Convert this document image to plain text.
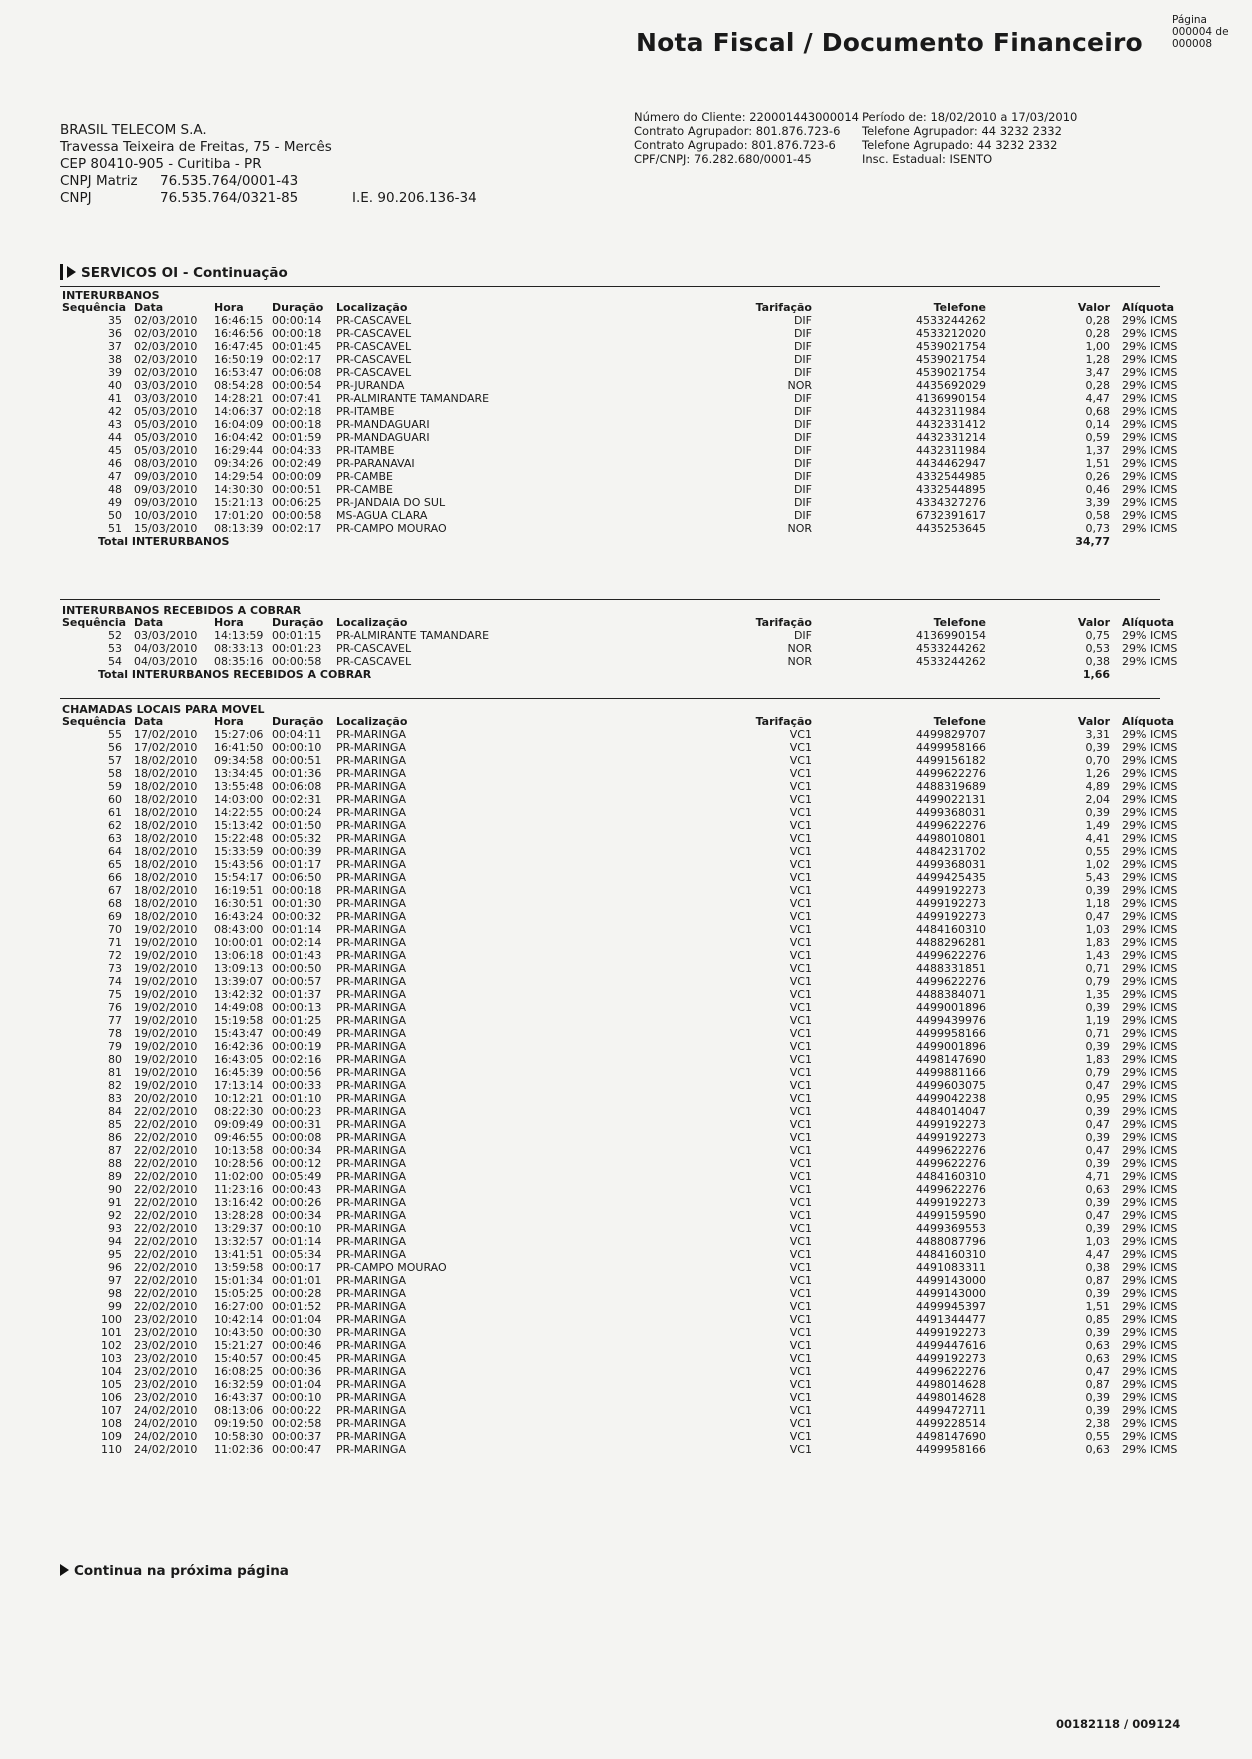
Nota Fiscal / Documento Financeiro
Página
000004 de
000008
BRASIL TELECOM S.A.
Travessa Teixeira de Freitas, 75 - Mercês
CEP 80410-905 - Curitiba - PR
CNPJ Matriz 76.535.764/0001-43
CNPJ	76.535.764/0321-85	I.E. 90.206.136-34
Número do Cliente: 220001443000014
Contrato Agrupador: 801.876.723-6
Contrato Agrupado: 801.876.723-6
CPF/CNPJ: 76.282.680/0001-45
Período de: 18/02/2010 a 17/03/2010
Telefone Agrupador: 44 3232 2332
Telefone Agrupado: 44 3232 2332
Insc. Estadual: ISENTO
SERVICOS OI - Continuação
INTERURBANOS
Sequência Data	Hora	Duração Localização	Tarifação	Telefone	Valor Alíquota
35 02/03/2010 16:46:15 00:00:14 PR-CASCAVEL	DIF	4533244262	0,28 29% ICMS
36 02/03/2010 16:46:56 00:00:18 PR-CASCAVEL	DIF	4533212020	0,28 29% ICMS
37 02/03/2010 16:47:45 00:01:45 PR-CASCAVEL	DIF	4539021754	1,00 29% ICMS
38 02/03/2010 16:50:19 00:02:17 PR-CASCAVEL	DIF	4539021754	1,28 29% ICMS
39 02/03/2010 16:53:47 00:06:08 PR-CASCAVEL	DIF	4539021754	3,47 29% ICMS
40 03/03/2010 08:54:28 00:00:54 PR-JURANDA	NOR	4435692029	0,28 29% ICMS
41 03/03/2010 14:28:21 00:07:41 PR-ALMIRANTE TAMANDARE	DIF	4136990154	4,47 29% ICMS
42 05/03/2010 14:06:37 00:02:18 PR-ITAMBE	DIF	4432311984	0,68 29% ICMS
43 05/03/2010 16:04:09 00:00:18 PR-MANDAGUARI	DIF	4432331412	0,14 29% ICMS
44 05/03/2010 16:04:42 00:01:59 PR-MANDAGUARI	DIF	4432331214	0,59 29% ICMS
45 05/03/2010 16:29:44 00:04:33 PR-ITAMBE	DIF	4432311984	1,37 29% ICMS
46 08/03/2010 09:34:26 00:02:49 PR-PARANAVAI	DIF	4434462947	1,51 29% ICMS
47 09/03/2010 14:29:54 00:00:09 PR-CAMBE	DIF	4332544985	0,26 29% ICMS
48 09/03/2010 14:30:30 00:00:51 PR-CAMBE	DIF	4332544895	0,46 29% ICMS
49 09/03/2010 15:21:13 00:06:25 PR-JANDAIA DO SUL	DIF	4334327276	3,39 29% ICMS
50 10/03/2010 17:01:20 00:00:58 MS-AGUA CLARA	DIF	6732391617	0,58 29% ICMS
51 15/03/2010 08:13:39 00:02:17 PR-CAMPO MOURAO	NOR	4435253645	0,73 29% ICMS
Total INTERURBANOS	34,77
INTERURBANOS RECEBIDOS A COBRAR
Sequência Data	Hora	Duração Localização	Tarifação	Telefone	Valor Alíquota
52 03/03/2010 14:13:59 00:01:15 PR-ALMIRANTE TAMANDARE	DIF	4136990154	0,75 29% ICMS
53 04/03/2010 08:33:13 00:01:23 PR-CASCAVEL	NOR	4533244262	0,53 29% ICMS
54 04/03/2010 08:35:16 00:00:58 PR-CASCAVEL	NOR	4533244262	0,38 29% ICMS
Total INTERURBANOS RECEBIDOS A COBRAR	1,66
CHAMADAS LOCAIS PARA MOVEL
Sequência Data	Hora	Duração Localização	Tarifação	Telefone	Valor Alíquota
55 17/02/2010 15:27:06 00:04:11 PR-MARINGA	VC1	4499829707	3,31 29% ICMS
56 17/02/2010 16:41:50 00:00:10 PR-MARINGA	VC1	4499958166	0,39 29% ICMS
57 18/02/2010 09:34:58 00:00:51 PR-MARINGA	VC1	4499156182	0,70 29% ICMS
58 18/02/2010 13:34:45 00:01:36 PR-MARINGA	VC1	4499622276	1,26 29% ICMS
59 18/02/2010 13:55:48 00:06:08 PR-MARINGA	VC1	4488319689	4,89 29% ICMS
60 18/02/2010 14:03:00 00:02:31 PR-MARINGA	VC1	4499022131	2,04 29% ICMS
61 18/02/2010 14:22:55 00:00:24 PR-MARINGA	VC1	4499368031	0,39 29% ICMS
62 18/02/2010 15:13:42 00:01:50 PR-MARINGA	VC1	4499622276	1,49 29% ICMS
63 18/02/2010 15:22:48 00:05:32 PR-MARINGA	VC1	4498010801	4,41 29% ICMS
64 18/02/2010 15:33:59 00:00:39 PR-MARINGA	VC1	4484231702	0,55 29% ICMS
65 18/02/2010 15:43:56 00:01:17 PR-MARINGA	VC1	4499368031	1,02 29% ICMS
66 18/02/2010 15:54:17 00:06:50 PR-MARINGA	VC1	4499425435	5,43 29% ICMS
67 18/02/2010 16:19:51 00:00:18 PR-MARINGA	VC1	4499192273	0,39 29% ICMS
68 18/02/2010 16:30:51 00:01:30 PR-MARINGA	VC1	4499192273	1,18 29% ICMS
69 18/02/2010 16:43:24 00:00:32 PR-MARINGA	VC1	4499192273	0,47 29% ICMS
70 19/02/2010 08:43:00 00:01:14 PR-MARINGA	VC1	4484160310	1,03 29% ICMS
71 19/02/2010 10:00:01 00:02:14 PR-MARINGA	VC1	4488296281	1,83 29% ICMS
72 19/02/2010 13:06:18 00:01:43 PR-MARINGA	VC1	4499622276	1,43 29% ICMS
73 19/02/2010 13:09:13 00:00:50 PR-MARINGA	VC1	4488331851	0,71 29% ICMS
74 19/02/2010 13:39:07 00:00:57 PR-MARINGA	VC1	4499622276	0,79 29% ICMS
75 19/02/2010 13:42:32 00:01:37 PR-MARINGA	VC1	4488384071	1,35 29% ICMS
76 19/02/2010 14:49:08 00:00:13 PR-MARINGA	VC1	4499001896	0,39 29% ICMS
77 19/02/2010 15:19:58 00:01:25 PR-MARINGA	VC1	4499439976	1,19 29% ICMS
78 19/02/2010 15:43:47 00:00:49 PR-MARINGA	VC1	4499958166	0,71 29% ICMS
79 19/02/2010 16:42:36 00:00:19 PR-MARINGA	VC1	4499001896	0,39 29% ICMS
80 19/02/2010 16:43:05 00:02:16 PR-MARINGA	VC1	4498147690	1,83 29% ICMS
81 19/02/2010 16:45:39 00:00:56 PR-MARINGA	VC1	4499881166	0,79 29% ICMS
82 19/02/2010 17:13:14 00:00:33 PR-MARINGA	VC1	4499603075	0,47 29% ICMS
83 20/02/2010 10:12:21 00:01:10 PR-MARINGA	VC1	4499042238	0,95 29% ICMS
84 22/02/2010 08:22:30 00:00:23 PR-MARINGA	VC1	4484014047	0,39 29% ICMS
85 22/02/2010 09:09:49 00:00:31 PR-MARINGA	VC1	4499192273	0,47 29% ICMS
86 22/02/2010 09:46:55 00:00:08 PR-MARINGA	VC1	4499192273	0,39 29% ICMS
87 22/02/2010 10:13:58 00:00:34 PR-MARINGA	VC1	4499622276	0,47 29% ICMS
88 22/02/2010 10:28:56 00:00:12 PR-MARINGA	VC1	4499622276	0,39 29% ICMS
89 22/02/2010 11:02:00 00:05:49 PR-MARINGA	VC1	4484160310	4,71 29% ICMS
90 22/02/2010 11:23:16 00:00:43 PR-MARINGA	VC1	4499622276	0,63 29% ICMS
91 22/02/2010 13:16:42 00:00:26 PR-MARINGA	VC1	4499192273	0,39 29% ICMS
92 22/02/2010 13:28:28 00:00:34 PR-MARINGA	VC1	4499159590	0,47 29% ICMS
93 22/02/2010 13:29:37 00:00:10 PR-MARINGA	VC1	4499369553	0,39 29% ICMS
94 22/02/2010 13:32:57 00:01:14 PR-MARINGA	VC1	4488087796	1,03 29% ICMS
95 22/02/2010 13:41:51 00:05:34 PR-MARINGA	VC1	4484160310	4,47 29% ICMS
96 22/02/2010 13:59:58 00:00:17 PR-CAMPO MOURAO	VC1	4491083311	0,38 29% ICMS
97 22/02/2010 15:01:34 00:01:01 PR-MARINGA	VC1	4499143000	0,87 29% ICMS
98 22/02/2010 15:05:25 00:00:28 PR-MARINGA	VC1	4499143000	0,39 29% ICMS
99 22/02/2010 16:27:00 00:01:52 PR-MARINGA	VC1	4499945397	1,51 29% ICMS
100 23/02/2010 10:42:14 00:01:04 PR-MARINGA	VC1	4491344477	0,85 29% ICMS
101 23/02/2010 10:43:50 00:00:30 PR-MARINGA	VC1	4499192273	0,39 29% ICMS
102 23/02/2010 15:21:27 00:00:46 PR-MARINGA	VC1	4499447616	0,63 29% ICMS
103 23/02/2010 15:40:57 00:00:45 PR-MARINGA	VC1	4499192273	0,63 29% ICMS
104 23/02/2010 16:08:25 00:00:36 PR-MARINGA	VC1	4499622276	0,47 29% ICMS
105 23/02/2010 16:32:59 00:01:04 PR-MARINGA	VC1	4498014628	0,87 29% ICMS
106 23/02/2010 16:43:37 00:00:10 PR-MARINGA	VC1	4498014628	0,39 29% ICMS
107 24/02/2010 08:13:06 00:00:22 PR-MARINGA	VC1	4499472711	0,39 29% ICMS
108 24/02/2010 09:19:50 00:02:58 PR-MARINGA	VC1	4499228514	2,38 29% ICMS
109 24/02/2010 10:58:30 00:00:37 PR-MARINGA	VC1	4498147690	0,55 29% ICMS
110 24/02/2010 11:02:36 00:00:47 PR-MARINGA	VC1	4499958166	0,63 29% ICMS
Continua na próxima página
00182118 / 009124
